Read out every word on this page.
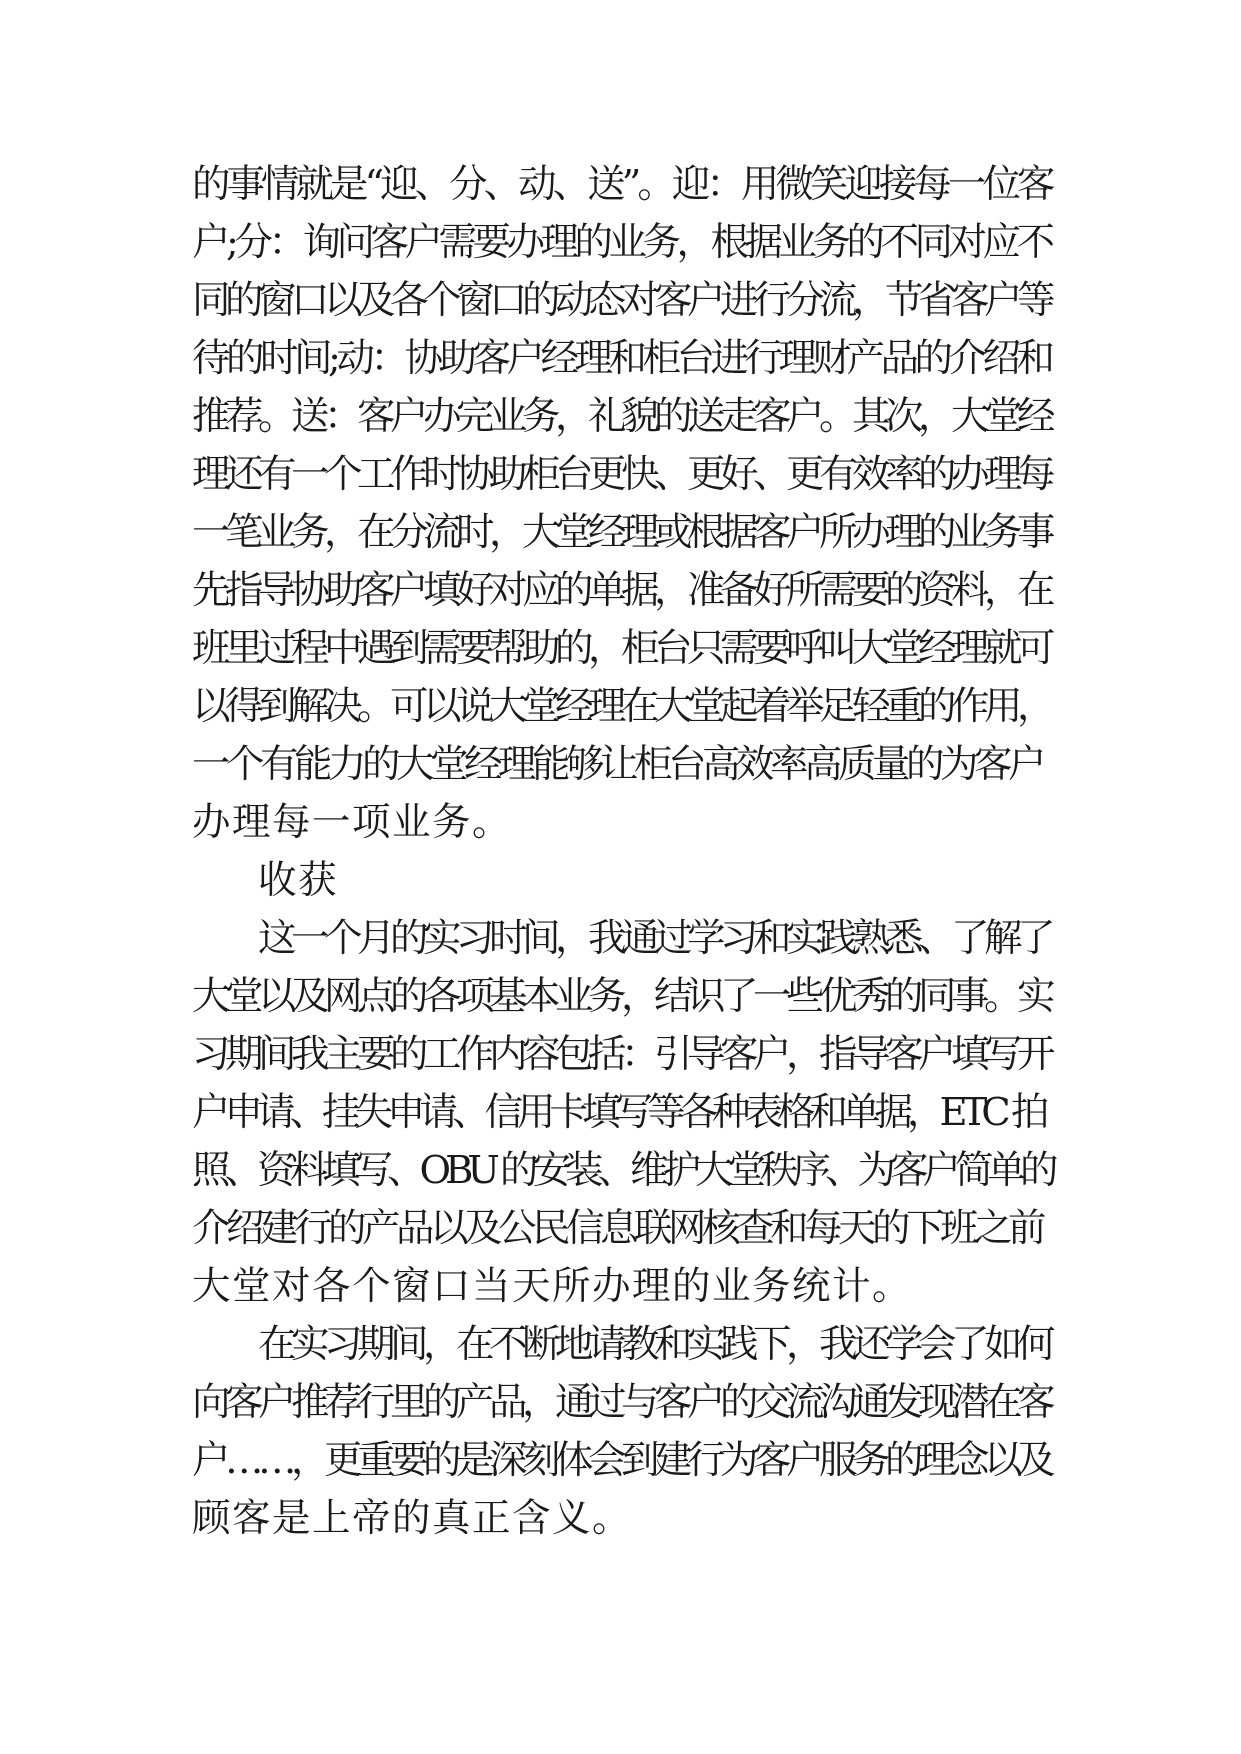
的事情就是“迎、分、动、送”。迎：用微笑迎接每一位客
户;分：询问客户需要办理的业务，根据业务的不同对应不
同的窗口以及各个窗口的动态对客户进行分流，节省客户等
待的时间;动：协助客户经理和柜台进行理财产品的介绍和
推荐。送：客户办完业务，礼貌的送走客户。其次，大堂经
理还有一个工作时协助柜台更快、更好、更有效率的办理每
一笔业务，在分流时，大堂经理或根据客户所办理的业务事
先指导协助客户填好对应的单据，准备好所需要的资料，在
班里过程中遇到需要帮助的，柜台只需要呼叫大堂经理就可
以得到解决。可以说大堂经理在大堂起着举足轻重的作用，
一个有能力的大堂经理能够让柜台高效率高质量的为客户
办理每一项业务。
收获
这一个月的实习时间，我通过学习和实践熟悉、了解了
大堂以及网点的各项基本业务，结识了一些优秀的同事。实
习期间我主要的工作内容包括：引导客户，指导客户填写开
户申请、挂失申请、信用卡填写等各种表格和单据，ETC 拍
照、资料填写、OBU 的安装、维护大堂秩序、为客户简单的
介绍建行的产品以及公民信息联网核查和每天的下班之前
大堂对各个窗口当天所办理的业务统计。
在实习期间，在不断地请教和实践下，我还学会了如何
向客户推荐行里的产品，通过与客户的交流沟通发现潜在客
户……，更重要的是深刻体会到建行为客户服务的理念以及
顾客是上帝的真正含义。
